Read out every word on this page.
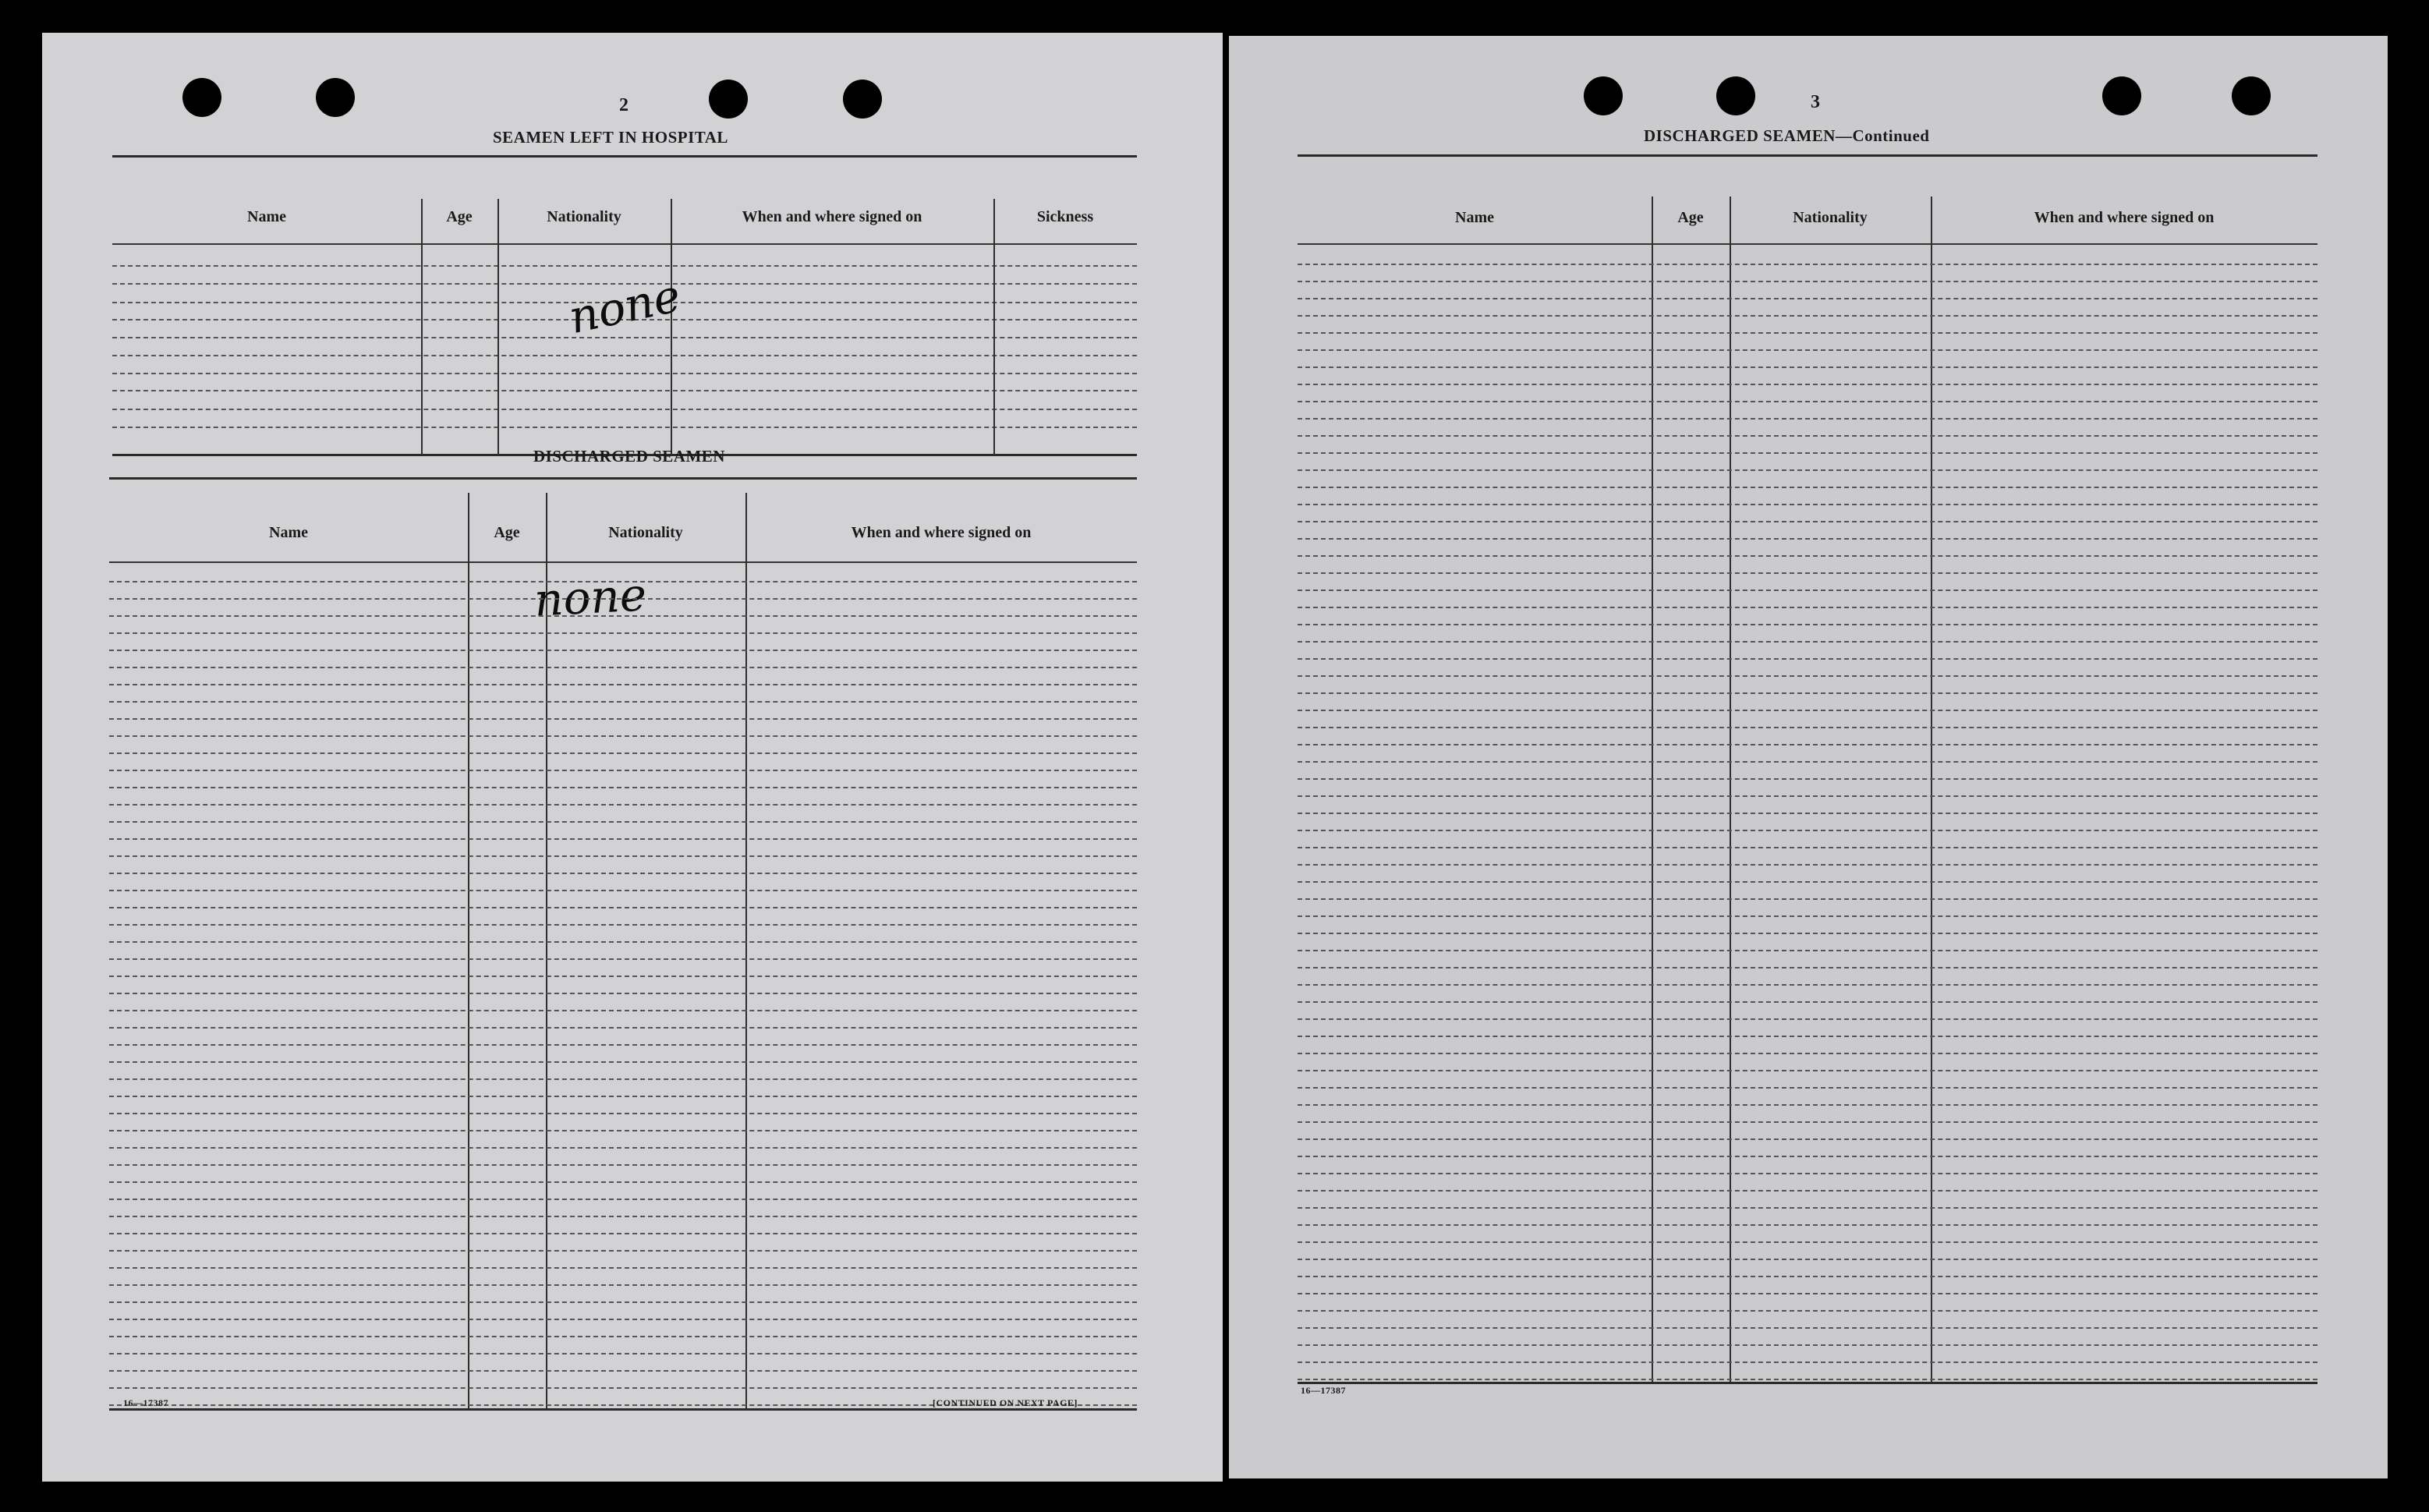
2
SEAMEN LEFT IN HOSPITAL
Name	Age	Nationality	When and where signed on	Sickness
none
DISCHARGED SEAMEN
Name	Age	Nationality	When and where signed on
none
16—17387	[CONTINUED ON NEXT PAGE]
3
DISCHARGED SEAMEN—Continued
Name	Age	Nationality	When and where signed on
16—17387
